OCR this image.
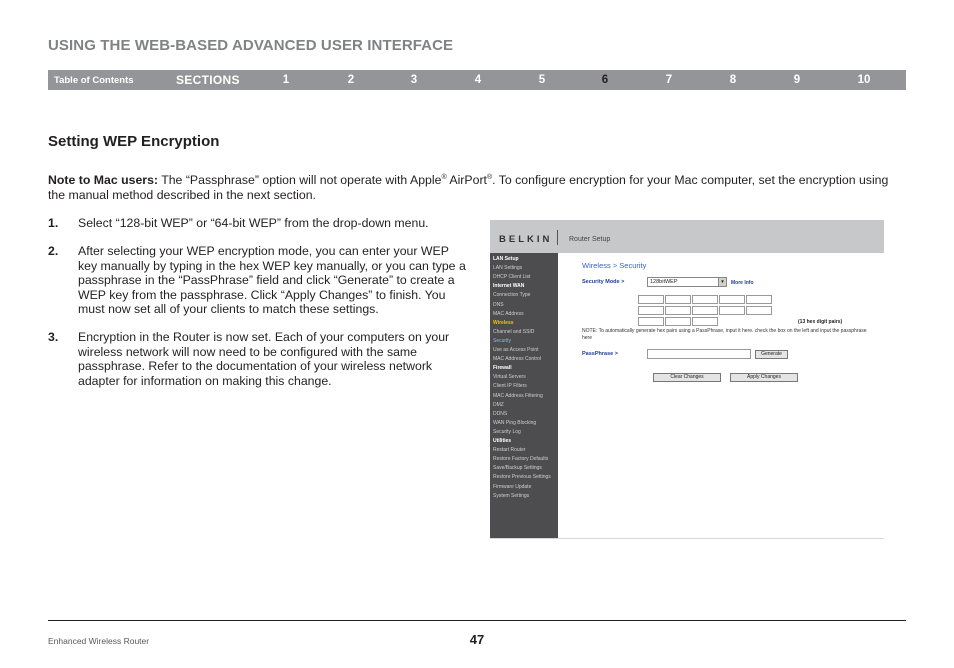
USING THE WEB-BASED ADVANCED USER INTERFACE
Table of Contents	SECTIONS	1	2	3	4	5	6	7	8	9	10
Setting WEP Encryption

Note to Mac users: The “Passphrase” option will not operate with Apple® AirPort®. To configure encryption for your Mac computer, set the encryption using the manual method described in the next section.

1. Select “128-bit WEP” or “64-bit WEP” from the drop-down menu.
2. After selecting your WEP encryption mode, you can enter your WEP key manually by typing in the hex WEP key manually, or you can type a passphrase in the “PassPhrase” field and click “Generate” to create a WEP key from the passphrase. Click “Apply Changes” to finish. You must now set all of your clients to match these settings.
3. Encryption in the Router is now set. Each of your computers on your wireless network will now need to be configured with the same passphrase. Refer to the documentation of your wireless network adapter for information on making this change.
BELKIN Router Setup
LAN Setup
LAN Settings
DHCP Client List
Internet WAN
Connection Type
DNS
MAC Address
Wireless
Channel and SSID
Security
Use as Access Point
MAC Address Control
Firewall
Virtual Servers
Client IP Filters
MAC Address Filtering
DMZ
DDNS
WAN Ping Blocking
Security Log
Utilities
Restart Router
Restore Factory Defaults
Save/Backup Settings
Restore Previous Settings
Firmware Update
System Settings
Wireless > Security
Security Mode >	128bitWEP	▼ More Info
(13 hex digit pairs)

NOTE: To automatically generate hex pairs using a PassPhrase, input it here. check the box on the left and input the passphrase here

PassPhrase >	Generate
Clear Changes	Apply Changes
Enhanced Wireless Router	47
